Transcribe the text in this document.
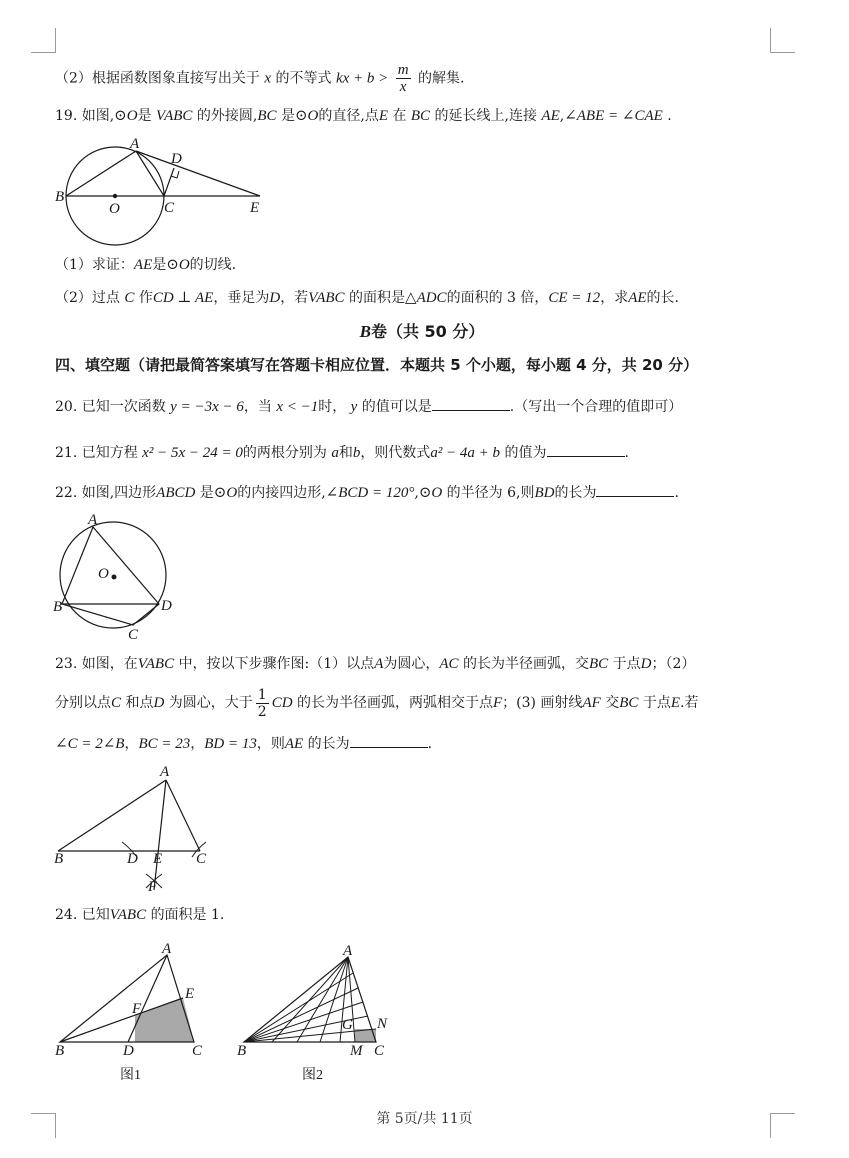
（2）根据函数图象直接写出关于 x 的不等式 kx + $b > \frac{m}{x}$ 的解集.
19. 如图,⊙O是 VABC 的外接圆,BC 是⊙O的直径,点E 在 BC 的延长线上,连接 AE,∠ABE = ∠CAE .
A
B
C
D
E
O
（1）求证：AE是⊙O的切线.
（2）过点 C 作CD ⊥ AE，垂足为D，若VABC 的面积是△ADC的面积的 3 倍，CE = 12，求AE的长.
B卷（共 50 分）
四、填空题（请把最简答案填写在答题卡相应位置．本题共 5 个小题，每小题 4 分，共 20 分）
20. 已知一次函数 y = −3x − 6，当 x < −1时， y 的值可以是	.（写出一个合理的值即可）
21. 已知方程 x² − 5x − 24 = 0的两根分别为 a和b，则代数式a² − 4a + b 的值为	.
22. 如图,四边形ABCD 是⊙O的内接四边形,∠BCD = 120°,⊙O 的半径为 6,则BD的长为	.
A
B
C
D
O
23. 如图，在VABC 中，按以下步骤作图:（1）以点A为圆心，AC 的长为半径画弧，交BC 于点D；（2）
分别以点C 和点D 为圆心，大于 $\frac{1}{2}$ CD 的长为半径画弧，两弧相交于点F；(3) 画射线AF 交BC 于点E.若
∠C = 2∠B，BC = 23，BD = 13，则AE 的长为	.
A
B	C
D E
F
24. 已知VABC 的面积是 1.
A
B	C
D
E
F
图1
A
B	C
G
M
N
图2
第 5页/共 11页
